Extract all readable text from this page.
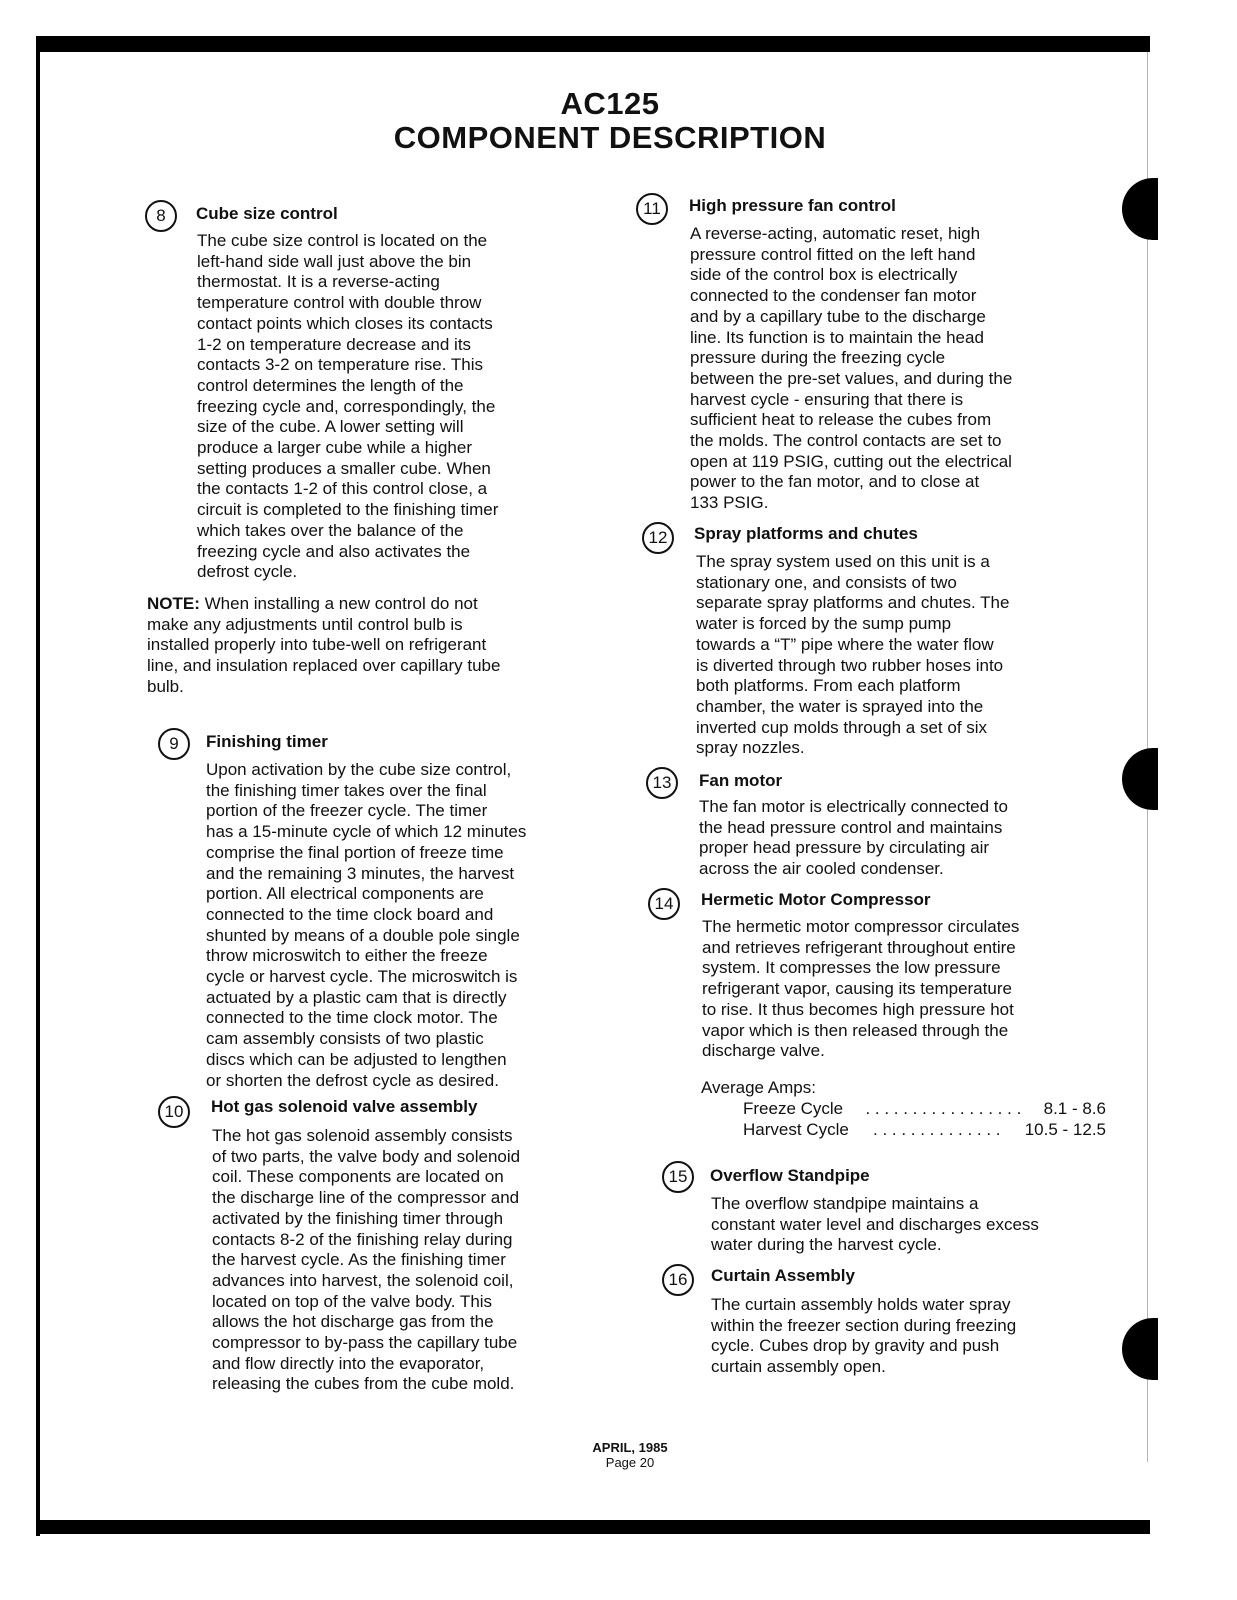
AC125
COMPONENT DESCRIPTION
8	Cube size control
The cube size control is located on the
left-hand side wall just above the bin
thermostat. It is a reverse-acting
temperature control with double throw
contact points which closes its contacts
1-2 on temperature decrease and its
contacts 3-2 on temperature rise. This
control determines the length of the
freezing cycle and, correspondingly, the
size of the cube. A lower setting will
produce a larger cube while a higher
setting produces a smaller cube. When
the contacts 1-2 of this control close, a
circuit is completed to the finishing timer
which takes over the balance of the
freezing cycle and also activates the
defrost cycle.
NOTE: When installing a new control do not
make any adjustments until control bulb is
installed properly into tube-well on refrigerant
line, and insulation replaced over capillary tube
bulb.
9	Finishing timer
Upon activation by the cube size control,
the finishing timer takes over the final
portion of the freezer cycle. The timer
has a 15-minute cycle of which 12 minutes
comprise the final portion of freeze time
and the remaining 3 minutes, the harvest
portion. All electrical components are
connected to the time clock board and
shunted by means of a double pole single
throw microswitch to either the freeze
cycle or harvest cycle. The microswitch is
actuated by a plastic cam that is directly
connected to the time clock motor. The
cam assembly consists of two plastic
discs which can be adjusted to lengthen
or shorten the defrost cycle as desired.
10	Hot gas solenoid valve assembly
The hot gas solenoid assembly consists
of two parts, the valve body and solenoid
coil. These components are located on
the discharge line of the compressor and
activated by the finishing timer through
contacts 8-2 of the finishing relay during
the harvest cycle. As the finishing timer
advances into harvest, the solenoid coil,
located on top of the valve body. This
allows the hot discharge gas from the
compressor to by-pass the capillary tube
and flow directly into the evaporator,
releasing the cubes from the cube mold.
11	High pressure fan control
A reverse-acting, automatic reset, high
pressure control fitted on the left hand
side of the control box is electrically
connected to the condenser fan motor
and by a capillary tube to the discharge
line. Its function is to maintain the head
pressure during the freezing cycle
between the pre-set values, and during the
harvest cycle - ensuring that there is
sufficient heat to release the cubes from
the molds. The control contacts are set to
open at 119 PSIG, cutting out the electrical
power to the fan motor, and to close at
133 PSIG.
12	Spray platforms and chutes
The spray system used on this unit is a
stationary one, and consists of two
separate spray platforms and chutes. The
water is forced by the sump pump
towards a “T” pipe where the water flow
is diverted through two rubber hoses into
both platforms. From each platform
chamber, the water is sprayed into the
inverted cup molds through a set of six
spray nozzles.
13	Fan motor
The fan motor is electrically connected to
the head pressure control and maintains
proper head pressure by circulating air
across the air cooled condenser.
14	Hermetic Motor Compressor
The hermetic motor compressor circulates
and retrieves refrigerant throughout entire
system. It compresses the low pressure
refrigerant vapor, causing its temperature
to rise. It thus becomes high pressure hot
vapor which is then released through the
discharge valve.
Average Amps:
Freeze Cycle . . . . . . . . . . . . . . . . . 8.1 - 8.6
Harvest Cycle . . . . . . . . . . . . . . 10.5 - 12.5
15	Overflow Standpipe
The overflow standpipe maintains a
constant water level and discharges excess
water during the harvest cycle.
16	Curtain Assembly
The curtain assembly holds water spray
within the freezer section during freezing
cycle. Cubes drop by gravity and push
curtain assembly open.
APRIL, 1985
Page 20
